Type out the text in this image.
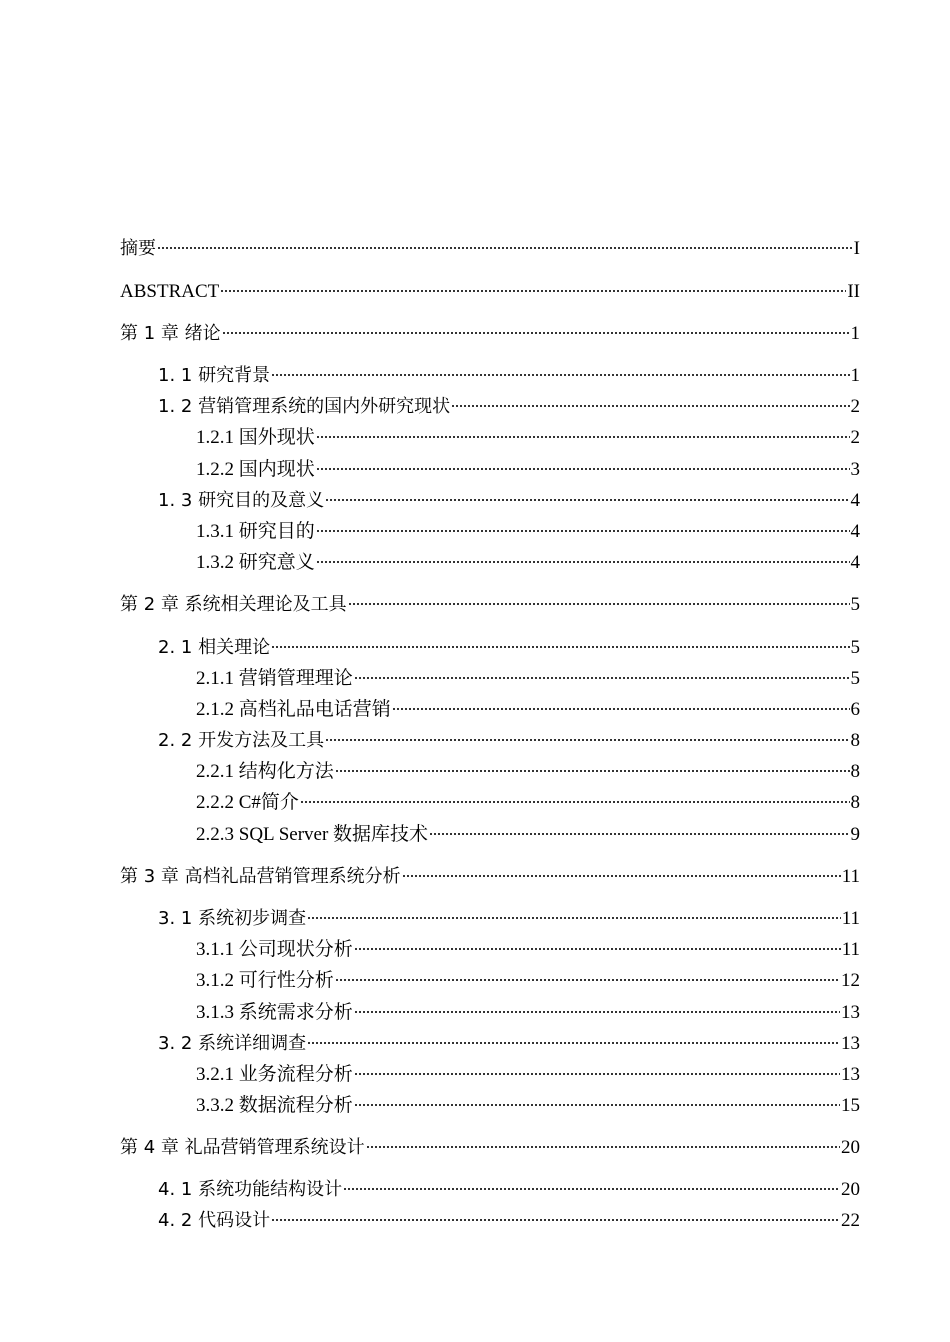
摘要	I
ABSTRACT	II
第 1 章 绪论	1
1. 1 研究背景	1
1. 2 营销管理系统的国内外研究现状	2
1.2.1 国外现状	2
1.2.2 国内现状	3
1. 3 研究目的及意义	4
1.3.1 研究目的	4
1.3.2 研究意义	4
第 2 章 系统相关理论及工具	5
2. 1 相关理论	5
2.1.1 营销管理理论	5
2.1.2 高档礼品电话营销	6
2. 2 开发方法及工具	8
2.2.1 结构化方法	8
2.2.2 C#简介	8
2.2.3 SQL Server 数据库技术	9
第 3 章 高档礼品营销管理系统分析	11
3. 1 系统初步调查	11
3.1.1 公司现状分析	11
3.1.2 可行性分析	12
3.1.3 系统需求分析	13
3. 2 系统详细调查	13
3.2.1 业务流程分析	13
3.3.2 数据流程分析	15
第 4 章 礼品营销管理系统设计	20
4. 1 系统功能结构设计	20
4. 2 代码设计	22
